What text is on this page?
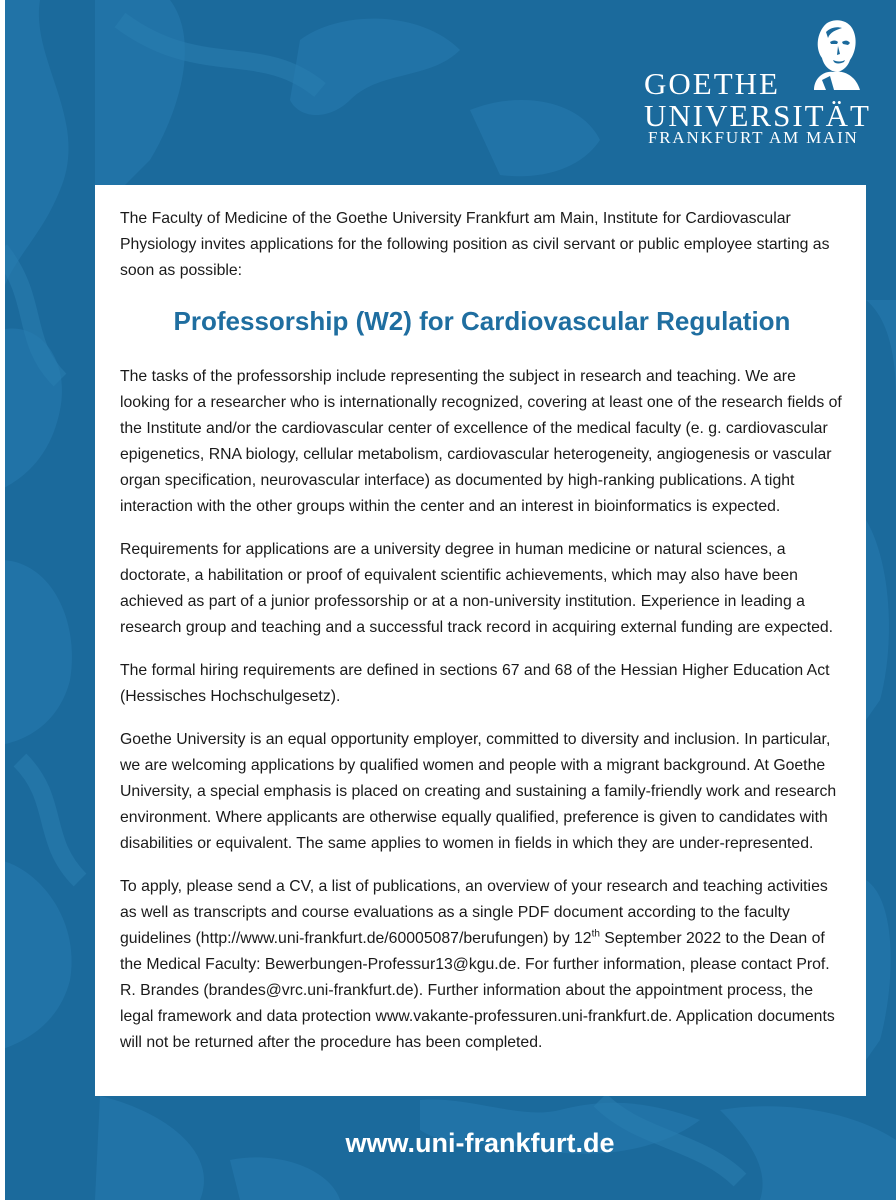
GOETHE
UNIVERSITÄT
FRANKFURT AM MAIN

The Faculty of Medicine of the Goethe University Frankfurt am Main, Institute for Cardiovascular Physiology invites applications for the following position as civil servant or public employee starting as soon as possible:

Professorship (W2) for Cardiovascular Regulation

The tasks of the professorship include representing the subject in research and teaching. We are looking for a researcher who is internationally recognized, covering at least one of the research fields of the Institute and/or the cardiovascular center of excellence of the medical faculty (e. g. cardiovascular epigenetics, RNA biology, cellular metabolism, cardiovascular heterogeneity, angiogenesis or vascular organ specification, neurovascular interface) as documented by high-ranking publications. A tight interaction with the other groups within the center and an interest in bioinformatics is expected.

Requirements for applications are a university degree in human medicine or natural sciences, a doctorate, a habilitation or proof of equivalent scientific achievements, which may also have been achieved as part of a junior professorship or at a non-university institution. Experience in leading a research group and teaching and a successful track record in acquiring external funding are expected.

The formal hiring requirements are defined in sections 67 and 68 of the Hessian Higher Education Act (Hessisches Hochschulgesetz).

Goethe University is an equal opportunity employer, committed to diversity and inclusion. In particular, we are welcoming applications by qualified women and people with a migrant background. At Goethe University, a special emphasis is placed on creating and sustaining a family-friendly work and research environment. Where applicants are otherwise equally qualified, preference is given to candidates with disabilities or equivalent. The same applies to women in fields in which they are under-represented.

To apply, please send a CV, a list of publications, an overview of your research and teaching activities as well as transcripts and course evaluations as a single PDF document according to the faculty guidelines (http://www.uni-frankfurt.de/60005087/berufungen) by 12th September 2022 to the Dean of the Medical Faculty: Bewerbungen-Professur13@kgu.de. For further information, please contact Prof. R. Brandes (brandes@vrc.uni-frankfurt.de). Further information about the appointment process, the legal framework and data protection www.vakante-professuren.uni-frankfurt.de. Application documents will not be returned after the procedure has been completed.

www.uni-frankfurt.de
